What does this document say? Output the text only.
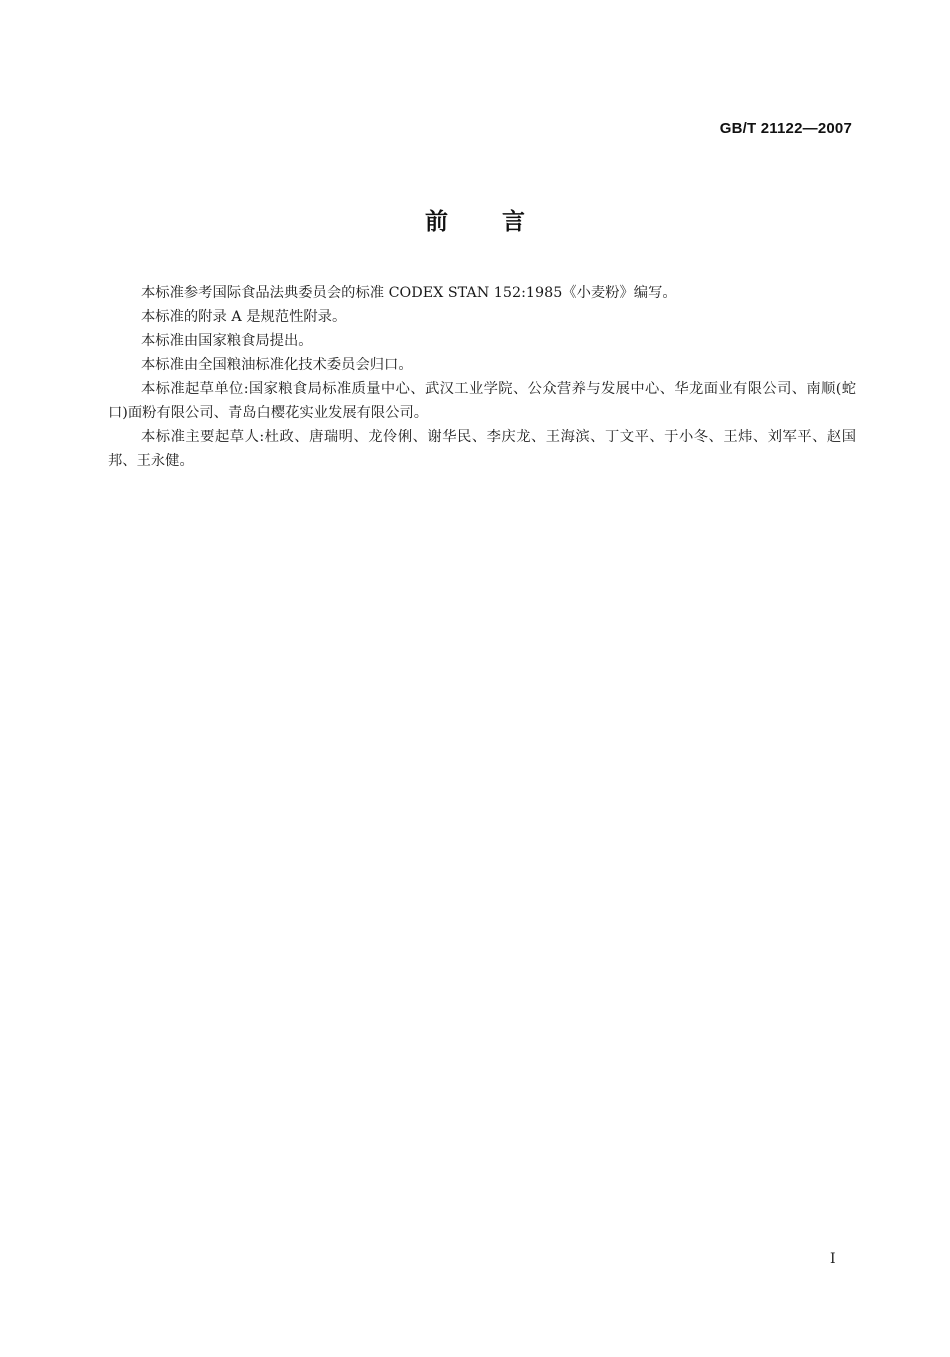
GB/T 21122—2007
前 言

本标准参考国际食品法典委员会的标准 CODEX STAN 152:1985《小麦粉》编写。

本标准的附录 A 是规范性附录。

本标准由国家粮食局提出。

本标准由全国粮油标准化技术委员会归口。

本标准起草单位:国家粮食局标准质量中心、武汉工业学院、公众营养与发展中心、华龙面业有限公司、南顺(蛇口)面粉有限公司、青岛白樱花实业发展有限公司。

本标准主要起草人:杜政、唐瑞明、龙伶俐、谢华民、李庆龙、王海滨、丁文平、于小冬、王炜、刘军平、赵国邦、王永健。

I
